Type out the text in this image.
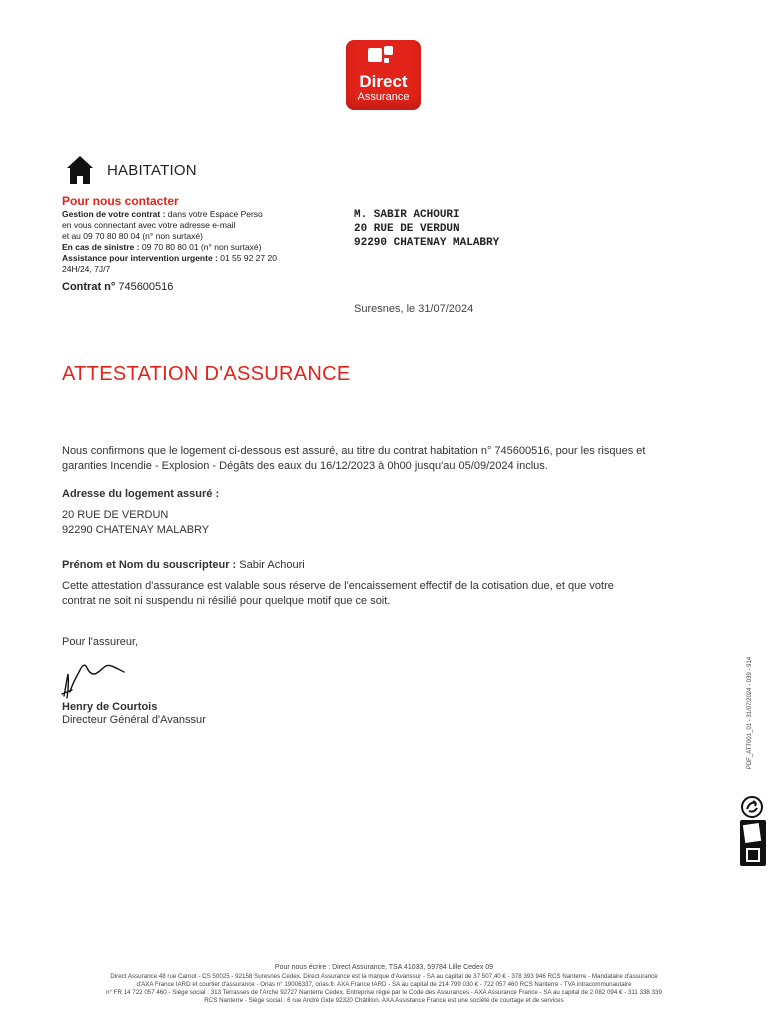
Direct
Assurance
HABITATION
Pour nous contacter
Gestion de votre contrat : dans votre Espace Perso
en vous connectant avec votre adresse e-mail
et au 09 70 80 80 04 (n° non surtaxé)
En cas de sinistre : 09 70 80 80 01 (n° non surtaxé)
Assistance pour intervention urgente : 01 55 92 27 20
24H/24, 7J/7
Contrat n° 745600516
M. SABIR ACHOURI
20 RUE DE VERDUN
92290 CHATENAY MALABRY
Suresnes, le 31/07/2024
ATTESTATION D'ASSURANCE
Nous confirmons que le logement ci-dessous est assuré, au titre du contrat habitation n° 745600516, pour les risques et
garanties Incendie - Explosion - Dégâts des eaux du 16/12/2023 à 0h00 jusqu'au 05/09/2024 inclus.
Adresse du logement assuré :
20 RUE DE VERDUN
92290 CHATENAY MALABRY
Prénom et Nom du souscripteur : Sabir Achouri
Cette attestation d'assurance est valable sous réserve de l'encaissement effectif de la cotisation due, et que votre
contrat ne soit ni suspendu ni résilié pour quelque motif que ce soit.
Pour l'assureur,
Henry de Courtois
Directeur Général d'Avanssur	PDF_ATT001_01 - 31/07/2024 - 039 - 914
Pour nous écrire : Direct Assurance, TSA 41033, 59784 Lille Cedex 09
Direct Assurance 48 rue Carnot - CS 50025 - 92158 Suresnes Cedex. Direct Assurance est la marque d'Avanssur - SA au capital de 37 507,40 € - 378 393 946 RCS Nanterre - Mandataire d'assurance
d'AXA France IARD et courtier d'assurance - Orias n° 19006337, orias.fr. AXA France IARD - SA au capital de 214 799 030 € - 722 057 460 RCS Nanterre - TVA intracommunautaire
n° FR 14 722 057 460 - Siège social : 313 Terrasses de l'Arche 92727 Nanterre Cedex. Entreprise régie par le Code des Assurances - AXA Assurance France - SA au capital de 2 082 094 € - 311 338 339
RCS Nanterre - Siège social : 6 rue André Gide 92320 Châtillon. AXA Assistance France est une société de courtage et de services
